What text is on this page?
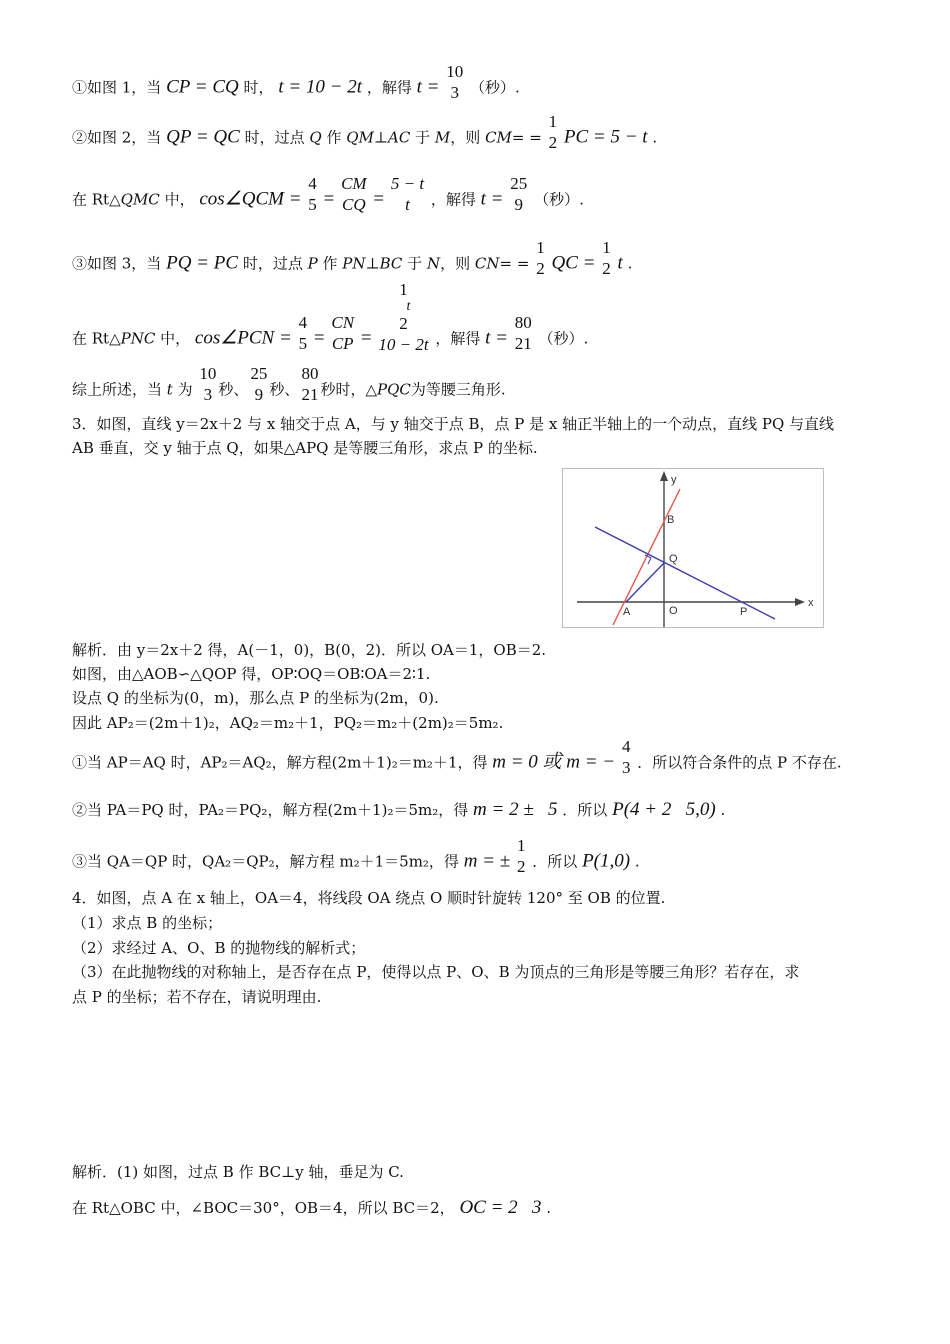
①如图 1，当 CP = CQ 时， t = 10 − 2t ，解得 t =
10
3 （秒）.
②如图 2，当 QP = QC 时，过点 Q 作 QM⊥AC 于 M，则 CM= =
1
2 PC = 5 − t .
在 Rt△QMC 中， cos∠QCM =
4
5 =
CM
CQ =
5 − t
t	，解得 t =
25
9 （秒）.
③如图 3，当 PQ = PC 时，过点 P 作 PN⊥BC 于 N，则 CN= =
1
2 QC =
1
2 t .
在 Rt△PNC 中， cos∠PCN =
4
5 =
CN
CP =
1
t
2
10 − 2t ，解得 t =
80
21 （秒）.
综上所述，当 t 为
10
3 秒、
25
9 秒、
80
21 秒时，△PQC为等腰三角形.
3．如图，直线 y＝2x＋2 与 x 轴交于点 A，与 y 轴交于点 B，点 P 是 x 轴正半轴上的一个动点，直线 PQ 与直线
AB 垂直，交 y 轴于点 Q，如果△APQ 是等腰三角形，求点 P 的坐标.
y
x
B
Q
A	O	P
解析．由 y＝2x＋2 得，A(－1，0)，B(0，2)．所以 OA＝1，OB＝2.
如图，由△AOB∽△QOP 得，OP∶OQ＝OB∶OA＝2∶1.
设点 Q 的坐标为(0，m)，那么点 P 的坐标为(2m，0).
因此 AP₂＝(2m＋1)₂，AQ₂＝m₂＋1，PQ₂＝m₂＋(2m)₂＝5m₂.
①当 AP＝AQ 时，AP₂＝AQ₂，解方程(2m＋1)₂＝m₂＋1，得 m = 0 或 m = −
4
3 ．所以符合条件的点 P 不存在.
②当 PA＝PQ 时，PA₂＝PQ₂，解方程(2m＋1)₂＝5m₂，得 m = 2 ±   5 ．所以 P(4 + 2   5,0) .
③当 QA＝QP 时，QA₂＝QP₂，解方程 m₂＋1＝5m₂，得 m = ±
1
2 ．所以 P(1,0) .
4．如图，点 A 在 x 轴上，OA＝4，将线段 OA 绕点 O 顺时针旋转 120° 至 OB 的位置.
（1）求点 B 的坐标；
（2）求经过 A、O、B 的抛物线的解析式；
（3）在此抛物线的对称轴上，是否存在点 P，使得以点 P、O、B 为顶点的三角形是等腰三角形？若存在，求
点 P 的坐标；若不存在，请说明理由.
解析．(1) 如图，过点 B 作 BC⊥y 轴，垂足为 C.
在 Rt△OBC 中，∠BOC＝30°，OB＝4，所以 BC＝2， OC = 2   3 .
